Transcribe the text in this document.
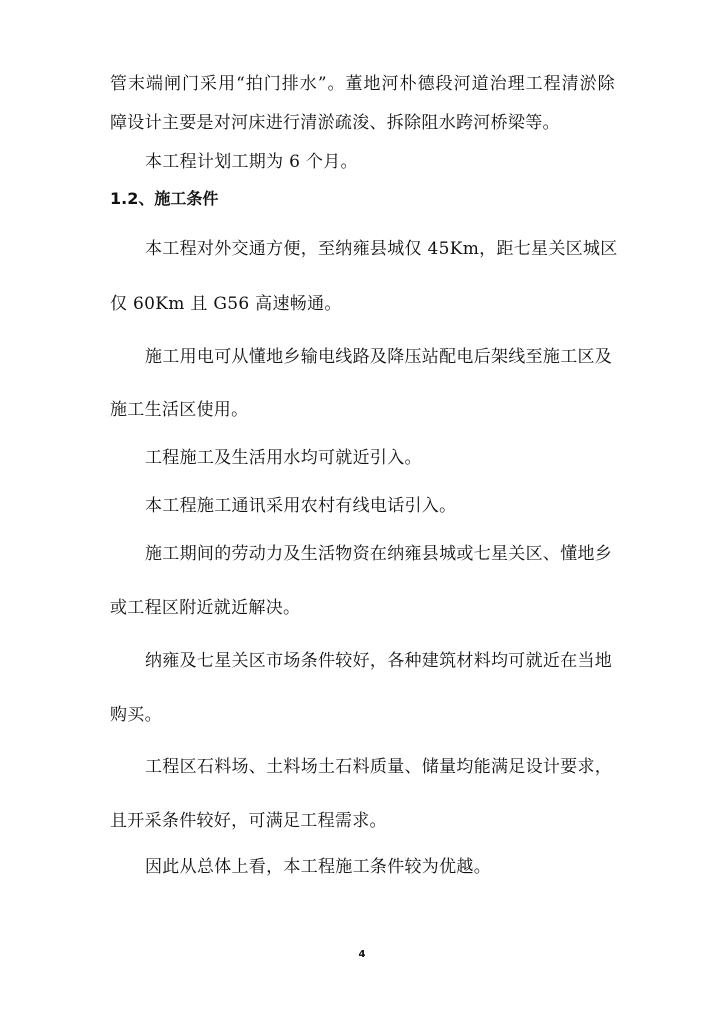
管末端闸门采用“拍门排水”。董地河朴德段河道治理工程清淤除
障设计主要是对河床进行清淤疏浚、拆除阻水跨河桥梁等。
本工程计划工期为 6 个月。
1.2、施工条件
本工程对外交通方便，至纳雍县城仅 45Km，距七星关区城区
仅 60Km 且 G56 高速畅通。
施工用电可从懂地乡输电线路及降压站配电后架线至施工区及
施工生活区使用。
工程施工及生活用水均可就近引入。
本工程施工通讯采用农村有线电话引入。
施工期间的劳动力及生活物资在纳雍县城或七星关区、懂地乡
或工程区附近就近解决。
纳雍及七星关区市场条件较好，各种建筑材料均可就近在当地
购买。
工程区石料场、土料场土石料质量、储量均能满足设计要求，
且开采条件较好，可满足工程需求。
因此从总体上看，本工程施工条件较为优越。
4
